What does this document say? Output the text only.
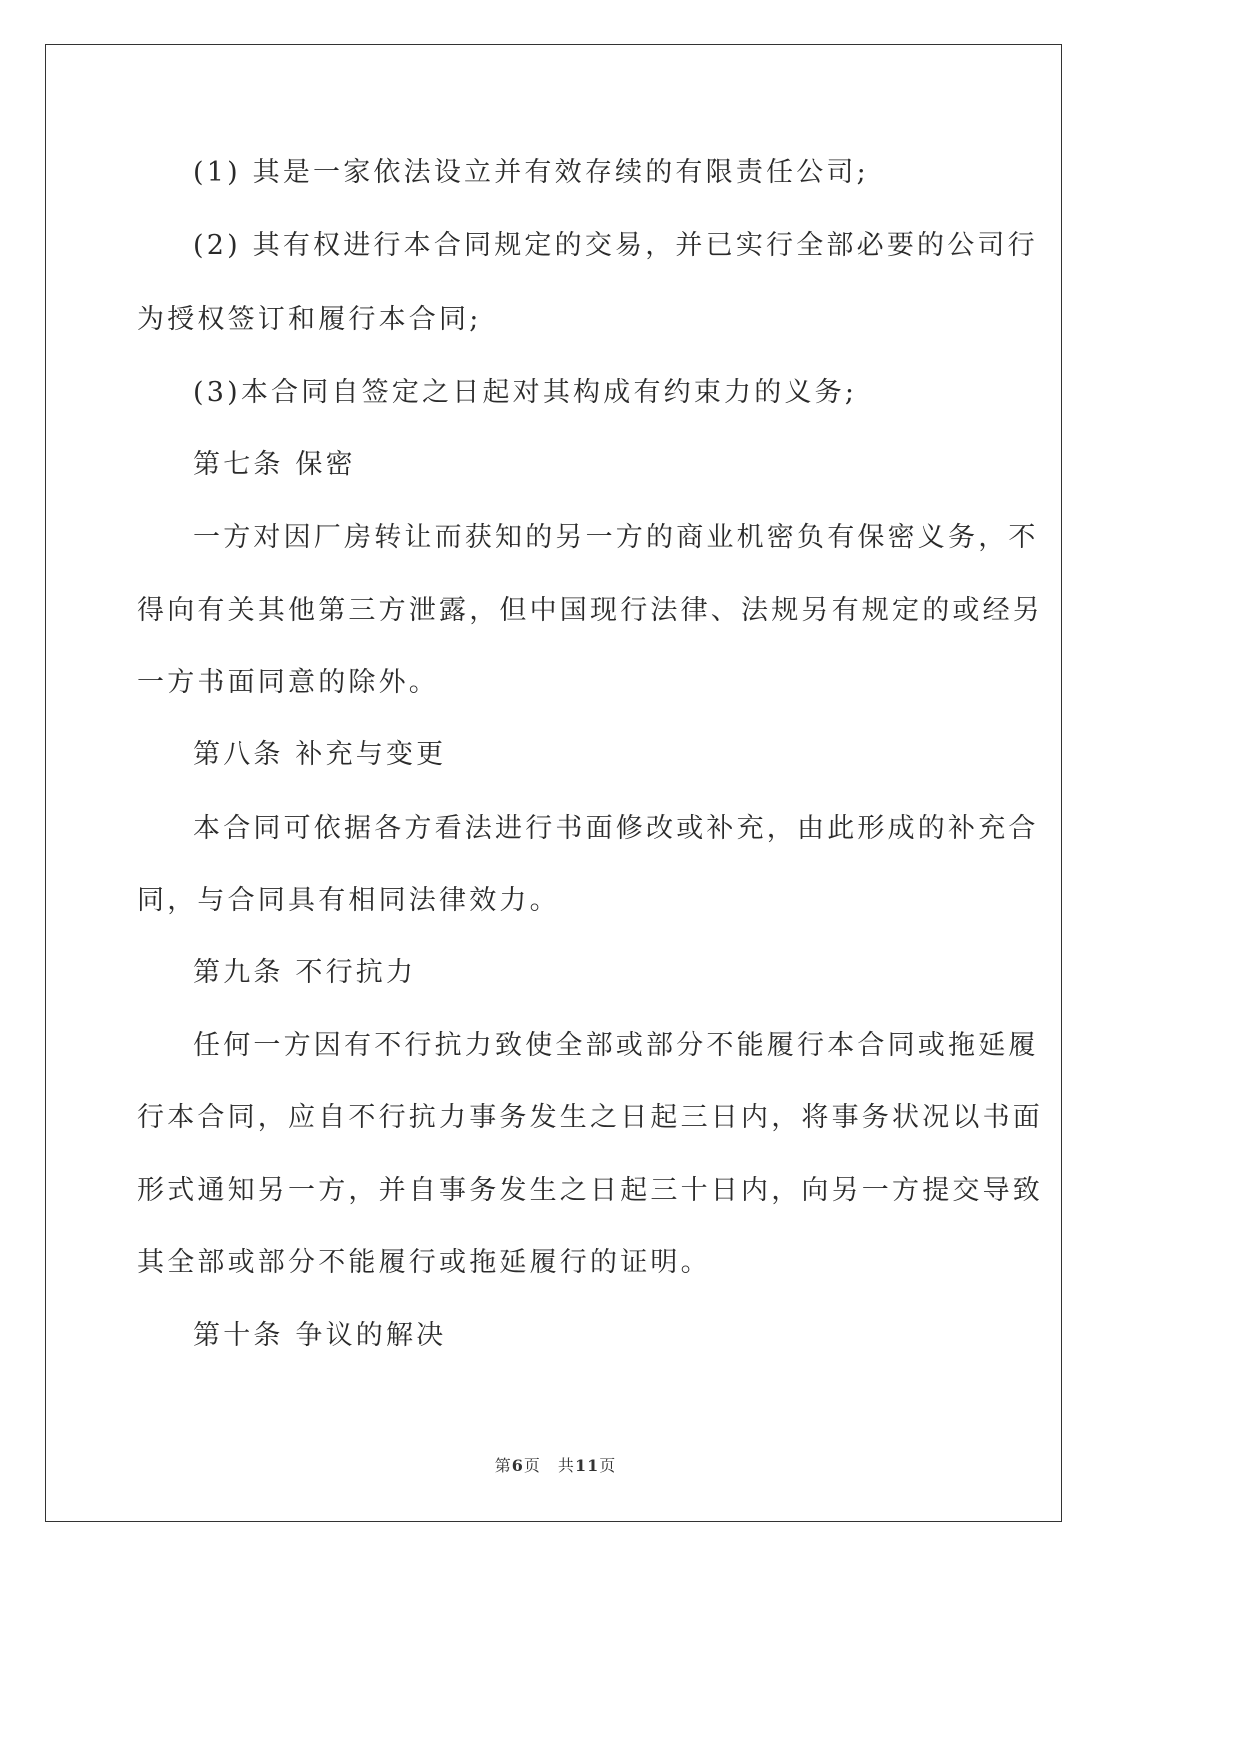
(1) 其是一家依法设立并有效存续的有限责任公司;
(2) 其有权进行本合同规定的交易，并已实行全部必要的公司行
为授权签订和履行本合同;
(3)本合同自签定之日起对其构成有约束力的义务;
第七条 保密
一方对因厂房转让而获知的另一方的商业机密负有保密义务，不
得向有关其他第三方泄露，但中国现行法律、法规另有规定的或经另
一方书面同意的除外。
第八条 补充与变更
本合同可依据各方看法进行书面修改或补充，由此形成的补充合
同，与合同具有相同法律效力。
第九条 不行抗力
任何一方因有不行抗力致使全部或部分不能履行本合同或拖延履
行本合同，应自不行抗力事务发生之日起三日内，将事务状况以书面
形式通知另一方，并自事务发生之日起三十日内，向另一方提交导致
其全部或部分不能履行或拖延履行的证明。
第十条 争议的解决
第6页　共11页
